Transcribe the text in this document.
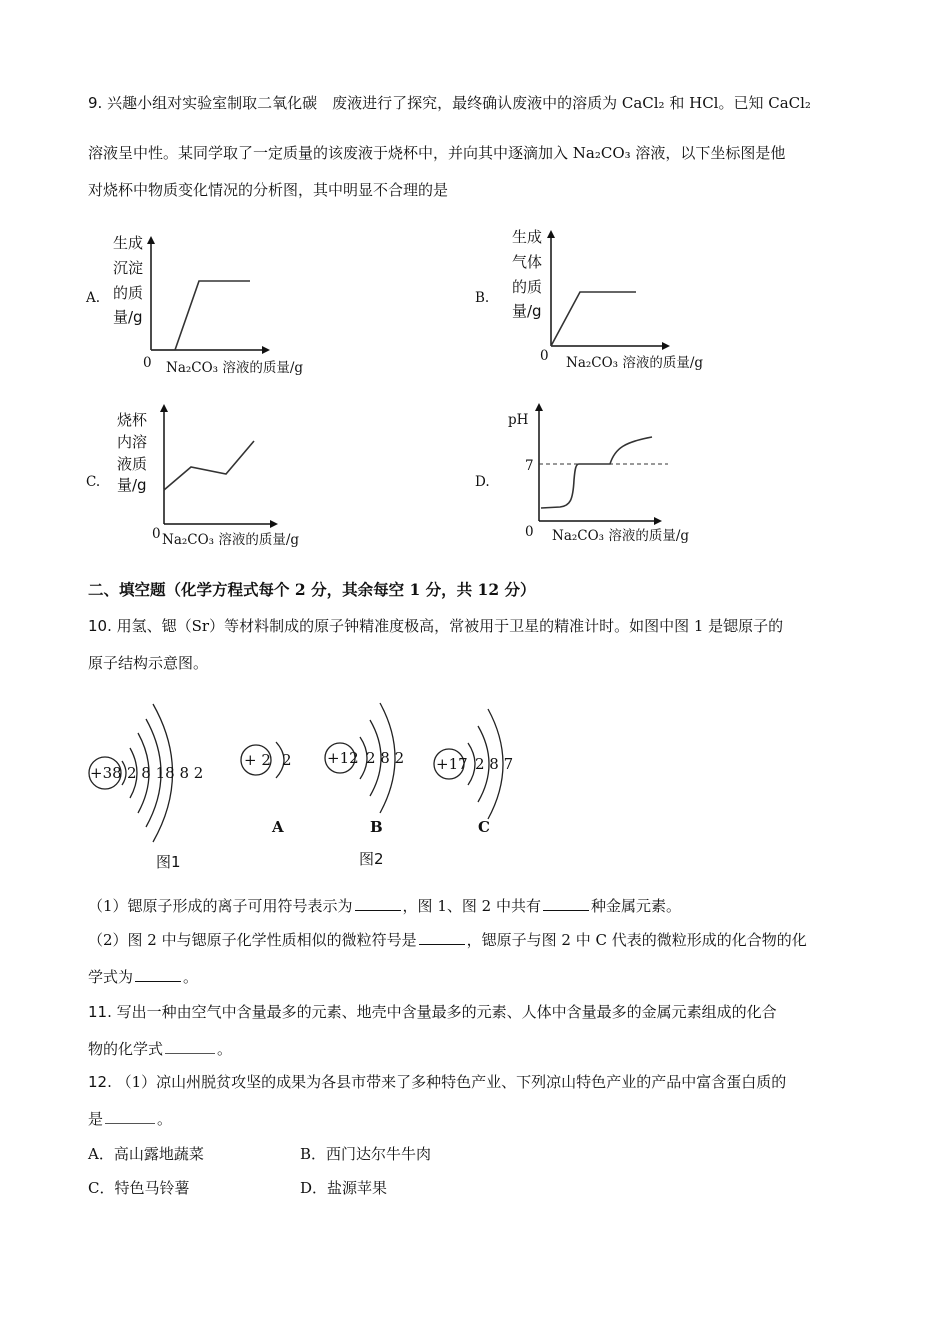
9. 兴趣小组对实验室制取二氧化碳　废液进行了探究，最终确认废液中的溶质为 CaCl₂ 和 HCl。已知 CaCl₂
溶液呈中性。某同学取了一定质量的该废液于烧杯中，并向其中逐滴加入 Na₂CO₃ 溶液，以下坐标图是他
对烧杯中物质变化情况的分析图，其中明显不合理的是
A.
生成
沉淀
的质
量/g
0 Na₂CO₃ 溶液的质量/g
B.
生成
气体
的质
量/g
0 Na₂CO₃ 溶液的质量/g
C.
烧杯
内溶
液质
量/g
0 Na₂CO₃ 溶液的质量/g
D.
pH
0 Na₂CO₃ 溶液的质量/g
7
+38 2 8 18 8 2
图1
+ 2 2
A
+12 2 8 2
B
图2
+17 2 8 7
C
二、填空题（化学方程式每个 2 分，其余每空 1 分，共 12 分）
10. 用氢、锶（Sr）等材料制成的原子钟精准度极高，常被用于卫星的精准计时。如图中图 1 是锶原子的
原子结构示意图。
（1）锶原子形成的离子可用符号表示为	，图 1、图 2 中共有	种金属元素。
（2）图 2 中与锶原子化学性质相似的微粒符号是	，锶原子与图 2 中 C 代表的微粒形成的化合物的化
学式为	。
11. 写出一种由空气中含量最多的元素、地壳中含量最多的元素、人体中含量最多的金属元素组成的化合
物的化学式	。
12. （1）凉山州脱贫攻坚的成果为各县市带来了多种特色产业、下列凉山特色产业的产品中富含蛋白质的
是	。
A．高山露地蔬菜	B．西门达尔牛牛肉
C．特色马铃薯	D．盐源苹果
